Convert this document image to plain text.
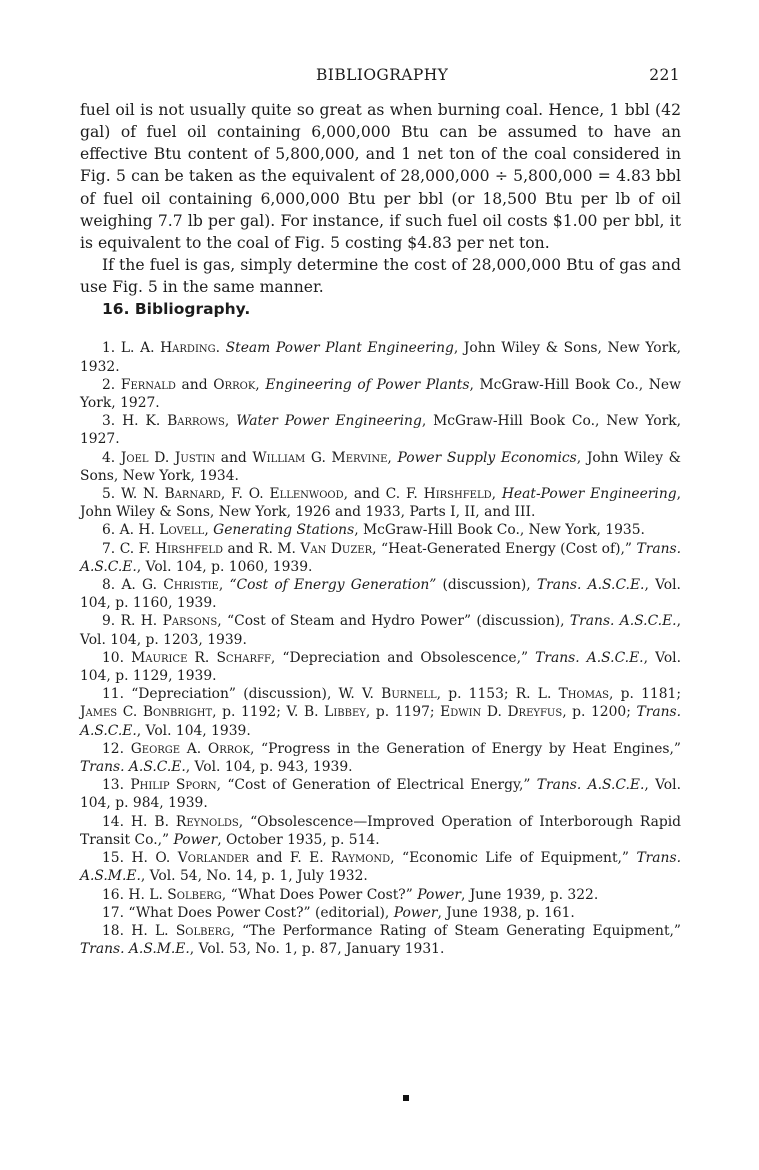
BIBLIOGRAPHY	221

fuel oil is not usually quite so great as when burning coal. Hence, 1 bbl (42 gal) of fuel oil containing 6,000,000 Btu can be assumed to have an effective Btu content of 5,800,000, and 1 net ton of the coal considered in Fig. 5 can be taken as the equivalent of 28,000,000 ÷ 5,800,000 = 4.83 bbl of fuel oil containing 6,000,000 Btu per bbl (or 18,500 Btu per lb of oil weighing 7.7 lb per gal). For instance, if such fuel oil costs $1.00 per bbl, it is equivalent to the coal of Fig. 5 costing $4.83 per net ton.

If the fuel is gas, simply determine the cost of 28,000,000 Btu of gas and use Fig. 5 in the same manner.

16. Bibliography.

1. L. A. Harding. Steam Power Plant Engineering, John Wiley & Sons, New York, 1932.

2. Fernald and Orrok, Engineering of Power Plants, McGraw-Hill Book Co., New York, 1927.

3. H. K. Barrows, Water Power Engineering, McGraw-Hill Book Co., New York, 1927.

4. Joel D. Justin and William G. Mervine, Power Supply Economics, John Wiley & Sons, New York, 1934.

5. W. N. Barnard, F. O. Ellenwood, and C. F. Hirshfeld, Heat-Power Engineering, John Wiley & Sons, New York, 1926 and 1933, Parts I, II, and III.

6. A. H. Lovell, Generating Stations, McGraw-Hill Book Co., New York, 1935.

7. C. F. Hirshfeld and R. M. Van Duzer, “Heat-Generated Energy (Cost of),” Trans. A.S.C.E., Vol. 104, p. 1060, 1939.

8. A. G. Christie, “Cost of Energy Generation” (discussion), Trans. A.S.C.E., Vol. 104, p. 1160, 1939.

9. R. H. Parsons, “Cost of Steam and Hydro Power” (discussion), Trans. A.S.C.E., Vol. 104, p. 1203, 1939.

10. Maurice R. Scharff, “Depreciation and Obsolescence,” Trans. A.S.C.E., Vol. 104, p. 1129, 1939.

11. “Depreciation” (discussion), W. V. Burnell, p. 1153; R. L. Thomas, p. 1181; James C. Bonbright, p. 1192; V. B. Libbey, p. 1197; Edwin D. Dreyfus, p. 1200; Trans. A.S.C.E., Vol. 104, 1939.

12. George A. Orrok, “Progress in the Generation of Energy by Heat Engines,” Trans. A.S.C.E., Vol. 104, p. 943, 1939.

13. Philip Sporn, “Cost of Generation of Electrical Energy,” Trans. A.S.C.E., Vol. 104, p. 984, 1939.

14. H. B. Reynolds, “Obsolescence—Improved Operation of Interborough Rapid Transit Co.,” Power, October 1935, p. 514.

15. H. O. Vorlander and F. E. Raymond, “Economic Life of Equipment,” Trans. A.S.M.E., Vol. 54, No. 14, p. 1, July 1932.

16. H. L. Solberg, “What Does Power Cost?” Power, June 1939, p. 322.

17. “What Does Power Cost?” (editorial), Power, June 1938, p. 161.

18. H. L. Solberg, “The Performance Rating of Steam Generating Equipment,” Trans. A.S.M.E., Vol. 53, No. 1, p. 87, January 1931.
